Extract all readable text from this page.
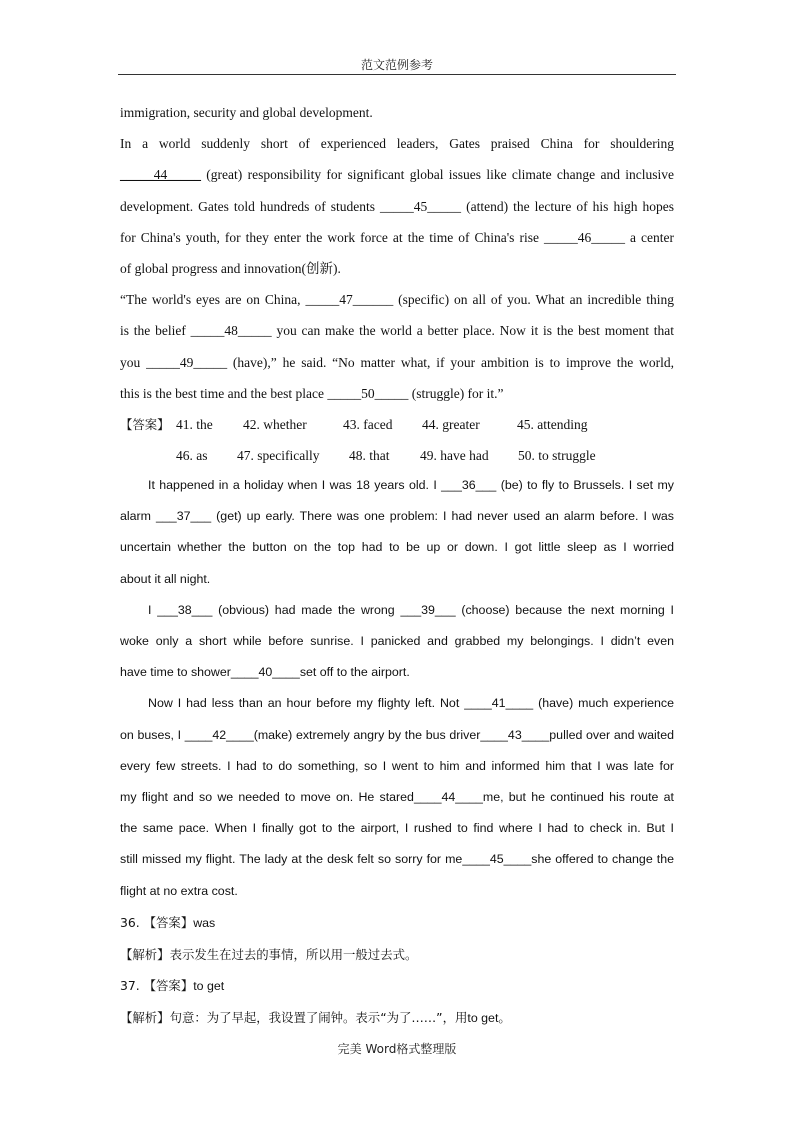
范文范例参考

immigration, security and global development.

In a world suddenly short of experienced leaders, Gates praised China for shouldering

_____44_____ (great) responsibility for significant global issues like climate change and inclusive

development. Gates told hundreds of students _____45_____ (attend) the lecture of his high hopes

for China's youth, for they enter the work force at the time of China's rise _____46_____ a center

of global progress and innovation(创新).

“The world's eyes are on China, _____47______ (specific) on all of you. What an incredible thing

is the belief _____48_____ you can make the world a better place. Now it is the best moment that

you _____49_____ (have),” he said. “No matter what, if your ambition is to improve the world,

this is the best time and the best place _____50_____ (struggle) for it.”

【答案】 41. the	42. whether	43. faced	44. greater	45. attending
46. as	47. specifically	48. that	49. have had	50. to struggle

It happened in a holiday when I was 18 years old. I ___36___ (be) to fly to Brussels. I set my

alarm ___37___ (get) up early. There was one problem: I had never used an alarm before. I was

uncertain whether the button on the top had to be up or down. I got little sleep as I worried

about it all night.

I ___38___ (obvious) had made the wrong ___39___ (choose) because the next morning I

woke only a short while before sunrise. I panicked and grabbed my belongings. I didn’t even

have time to shower____40____set off to the airport.

Now I had less than an hour before my flighty left. Not ____41____ (have) much experience

on buses, I ____42____(make) extremely angry by the bus driver____43____pulled over and waited

every few streets. I had to do something, so I went to him and informed him that I was late for

my flight and so we needed to move on. He stared____44____me, but he continued his route at

the same pace. When I finally got to the airport, I rushed to find where I had to check in. But I

still missed my flight. The lady at the desk felt so sorry for me____45____she offered to change the

flight at no extra cost.

36. 【答案】was

【解析】表示发生在过去的事情，所以用一般过去式。

37. 【答案】to get

【解析】句意：为了早起，我设置了闹钟。表示“为了……”，用to get。

完美 Word格式整理版
